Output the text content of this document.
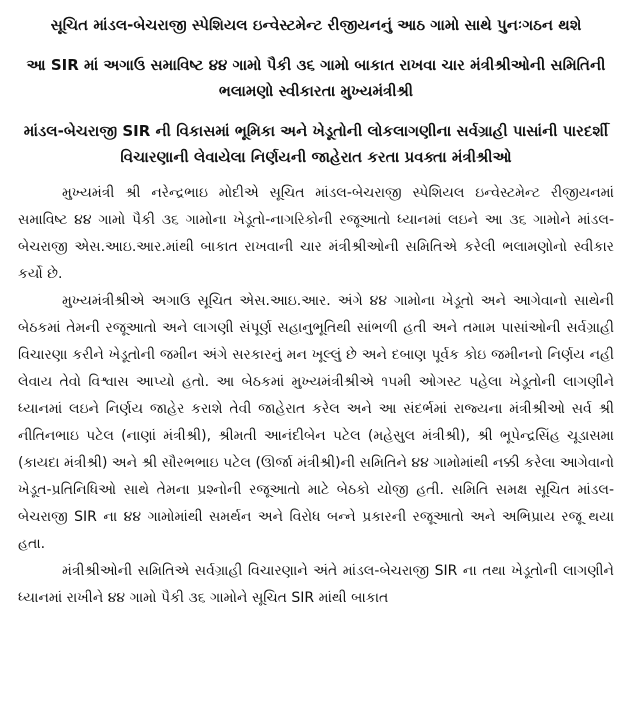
સૂચિત માંડલ-બેચરાજી સ્પેશિયલ ઇન્વેસ્ટમેન્ટ રીજીયનનું આઠ ગામો સાથે પુનઃગઠન થશે

આ SIR માં અગાઉ સમાવિષ્ટ ૪૪ ગામો પૈકી ૩૬ ગામો બાકાત રાખવા ચાર મંત્રીશ્રીઓની સમિતિની ભલામણો સ્વીકારતા મુખ્યમંત્રીશ્રી

માંડલ-બેચરાજી SIR ની વિકાસમાં ભૂમિકા અને ખેડૂતોની લોકલાગણીના સર્વગ્રાહી પાસાંની પારદર્શી વિચારણાની લેવાયેલા નિર્ણયની જાહેરાત કરતા પ્રવક્તા મંત્રીશ્રીઓ

મુખ્યમંત્રી શ્રી નરેન્દ્રભાઇ મોદીએ સૂચિત માંડલ-બેચરાજી સ્પેશિયલ ઇન્વેસ્ટમેન્ટ રીજીયનમાં સમાવિષ્ટ ૪૪ ગામો પૈકી ૩૬ ગામોના ખેડૂતો-નાગરિકોની રજૂઆતો ધ્યાનમાં લઇને આ ૩૬ ગામોને માંડલ-બેચરાજી એસ.આઇ.આર.માંથી બાકાત રાખવાની ચાર મંત્રીશ્રીઓની સમિતિએ કરેલી ભલામણોનો સ્વીકાર કર્યો છે.

મુખ્યમંત્રીશ્રીએ અગાઉ સૂચિત એસ.આઇ.આર. અંગે ૪૪ ગામોના ખેડૂતો અને આગેવાનો સાથેની બેઠકમાં તેમની રજૂઆતો અને લાગણી સંપૂર્ણ સહાનુભૂતિથી સાંભળી હતી અને તમામ પાસાંઓની સર્વગ્રાહી વિચારણા કરીને ખેડૂતોની જમીન અંગે સરકારનું મન ખૂલ્લું છે અને દબાણ પૂર્વક કોઇ જમીનનો નિર્ણય નહી લેવાય તેવો વિશ્વાસ આપ્યો હતો. આ બેઠકમાં મુખ્યમંત્રીશ્રીએ ૧૫મી ઓગસ્ટ પહેલા ખેડૂતોની લાગણીને ધ્યાનમાં લઇને નિર્ણય જાહેર કરાશે તેવી જાહેરાત કરેલ અને આ સંદર્ભમાં રાજ્યના મંત્રીશ્રીઓ સર્વ શ્રી નીતિનભાઇ પટેલ (નાણાં મંત્રીશ્રી), શ્રીમતી આનંદીબેન પટેલ (મહેસુલ મંત્રીશ્રી), શ્રી ભૂપેન્દ્રસિંહ ચૂડાસમા (કાયદા મંત્રીશ્રી) અને શ્રી સૌરભભાઇ પટેલ (ઊર્જા મંત્રીશ્રી)ની સમિતિને ૪૪ ગામોમાંથી નક્કી કરેલા આગેવાનો ખેડૂત-પ્રતિનિધિઓ સાથે તેમના પ્રશ્નોની રજૂઆતો માટે બેઠકો યોજી હતી. સમિતિ સમક્ષ સૂચિત માંડલ-બેચરાજી SIR ના ૪૪ ગામોમાંથી સમર્થન અને વિરોધ બન્ને પ્રકારની રજૂઆતો અને અભિપ્રાય રજૂ થયા હતા.

મંત્રીશ્રીઓની સમિતિએ સર્વગ્રાહી વિચારણાને અંતે માંડલ-બેચરાજી SIR ના તથા ખેડૂતોની લાગણીને ધ્યાનમાં રાખીને ૪૪ ગામો પૈકી ૩૬ ગામોને સૂચિત SIR માંથી બાકાત
